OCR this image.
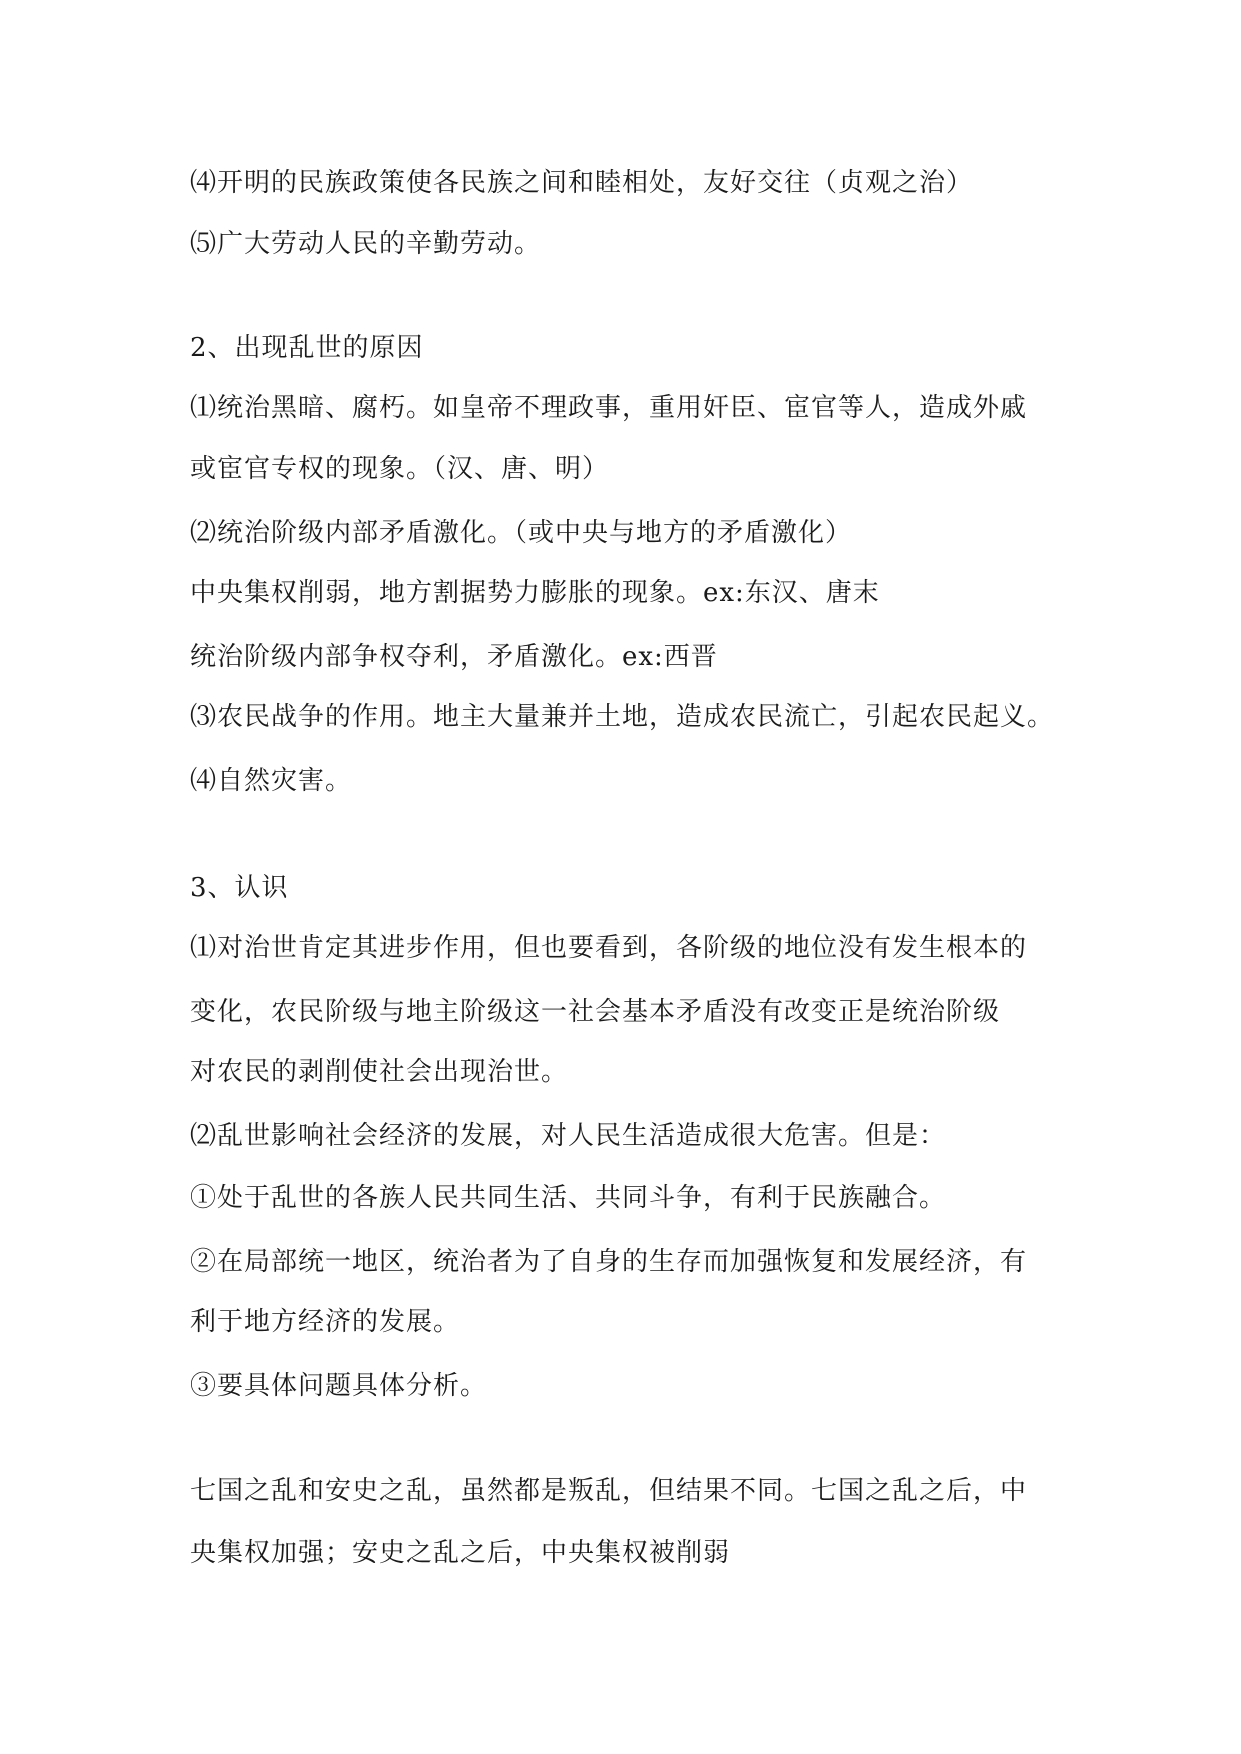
⑷开明的民族政策使各民族之间和睦相处，友好交往（贞观之治）
⑸广大劳动人民的辛勤劳动。
2、出现乱世的原因
⑴统治黑暗、腐朽。如皇帝不理政事，重用奸臣、宦官等人，造成外戚
或宦官专权的现象。（汉、唐、明）
⑵统治阶级内部矛盾激化。（或中央与地方的矛盾激化）
中央集权削弱，地方割据势力膨胀的现象。ex:东汉、唐末
统治阶级内部争权夺利，矛盾激化。ex:西晋
⑶农民战争的作用。地主大量兼并土地，造成农民流亡，引起农民起义。
⑷自然灾害。
3、认识
⑴对治世肯定其进步作用，但也要看到，各阶级的地位没有发生根本的
变化，农民阶级与地主阶级这一社会基本矛盾没有改变正是统治阶级
对农民的剥削使社会出现治世。
⑵乱世影响社会经济的发展，对人民生活造成很大危害。但是：
①处于乱世的各族人民共同生活、共同斗争，有利于民族融合。
②在局部统一地区，统治者为了自身的生存而加强恢复和发展经济，有
利于地方经济的发展。
③要具体问题具体分析。
七国之乱和安史之乱，虽然都是叛乱，但结果不同。七国之乱之后，中
央集权加强；安史之乱之后，中央集权被削弱
